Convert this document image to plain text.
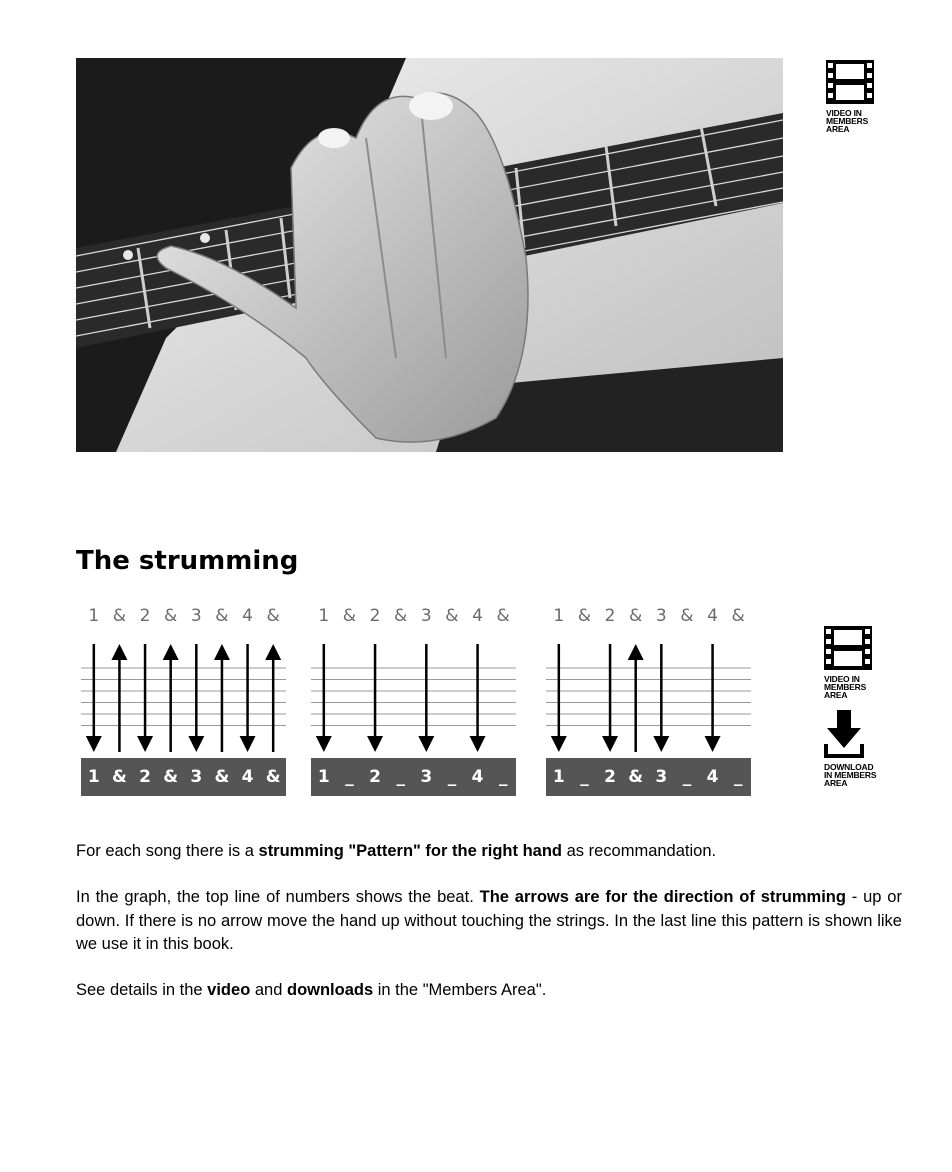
VIDEO IN
MEMBERS
AREA
The strumming
1 & 2 & 3 & 4 &
1 & 2 & 3 & 4 &
1 & 2 & 3 & 4 &
1 _ 2 _ 3 _ 4 _
1 & 2 & 3 & 4 &
1 _ 2 & 3 _ 4 _
VIDEO IN
MEMBERS
AREA
DOWNLOAD
IN MEMBERS
AREA

For each song there is a strumming "Pattern" for the right hand as recommandation.

In the graph, the top line of numbers shows the beat. The arrows are for the direction of strumming - up or down. If there is no arrow move the hand up without touching the strings. In the last line this pattern is shown like we use it in this book.

See details in the video and downloads in the "Members Area".
